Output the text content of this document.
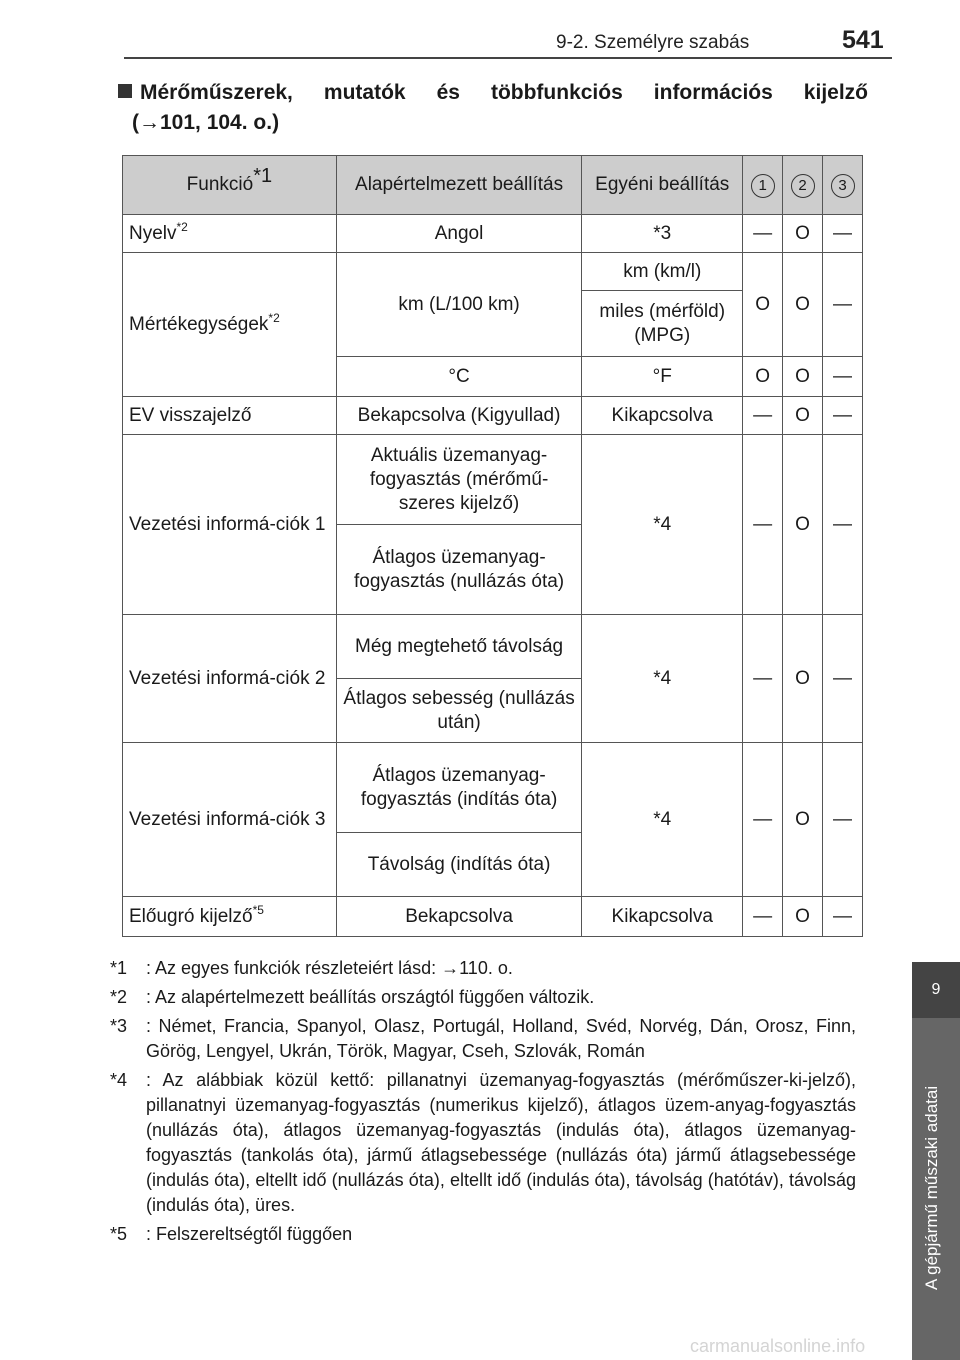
9-2. Személyre szabás	541
Mérőműszerek, mutatók és többfunkciós információs kijelző
(→101, 104. o.)
Funkció$^{*1}$	Alapértelmezett beállítás	Egyéni beállítás	1	2	3
Nyelv$^{*2}$	Angol	*3	—	O	—
Mértékegységek$^{*2}$	km (L/100 km)	km (km/l)	O	O	—
		miles (mérföld) (MPG)			
	°C	°F	O	O	—
EV visszajelző	Bekapcsolva (Kigyullad)	Kikapcsolva	—	O	—
Vezetési informá-ciók 1	Aktuális üzemanyag-fogyasztás (mérőmű-szeres kijelző)	*4	—	O	—
	Átlagos üzemanyag-fogyasztás (nullázás óta)				
Vezetési informá-ciók 2	Még megtehető távolság	*4	—	O	—
	Átlagos sebesség (nullázás után)				
Vezetési informá-ciók 3	Átlagos üzemanyag-fogyasztás (indítás óta)	*4	—	O	—
	Távolság (indítás óta)				
Előugró kijelző$^{*5}$	Bekapcsolva	Kikapcsolva	—	O	—
*1	: Az egyes funkciók részleteiért lásd: →110. o.
*2	: Az alapértelmezett beállítás országtól függően változik.
*3	: Német, Francia, Spanyol, Olasz, Portugál, Holland, Svéd, Norvég, Dán, Orosz, Finn, Görög, Lengyel, Ukrán, Török, Magyar, Cseh, Szlovák, Román
*4	: Az alábbiak közül kettő: pillanatnyi üzemanyag-fogyasztás (mérőműszer-ki-jelző), pillanatnyi üzemanyag-fogyasztás (numerikus kijelző), átlagos üzem-anyag-fogyasztás (nullázás óta), átlagos üzemanyag-fogyasztás (indulás óta), átlagos üzemanyag-fogyasztás (tankolás óta), jármű átlagsebessége (nullázás óta) jármű átlagsebessége (indulás óta), eltellt idő (nullázás óta), eltellt idő (indulás óta), távolság (hatótáv), távolság (indulás óta), üres.
*5	: Felszereltségtől függően
9
A gépjármű műszaki adatai
carmanualsonline.info
